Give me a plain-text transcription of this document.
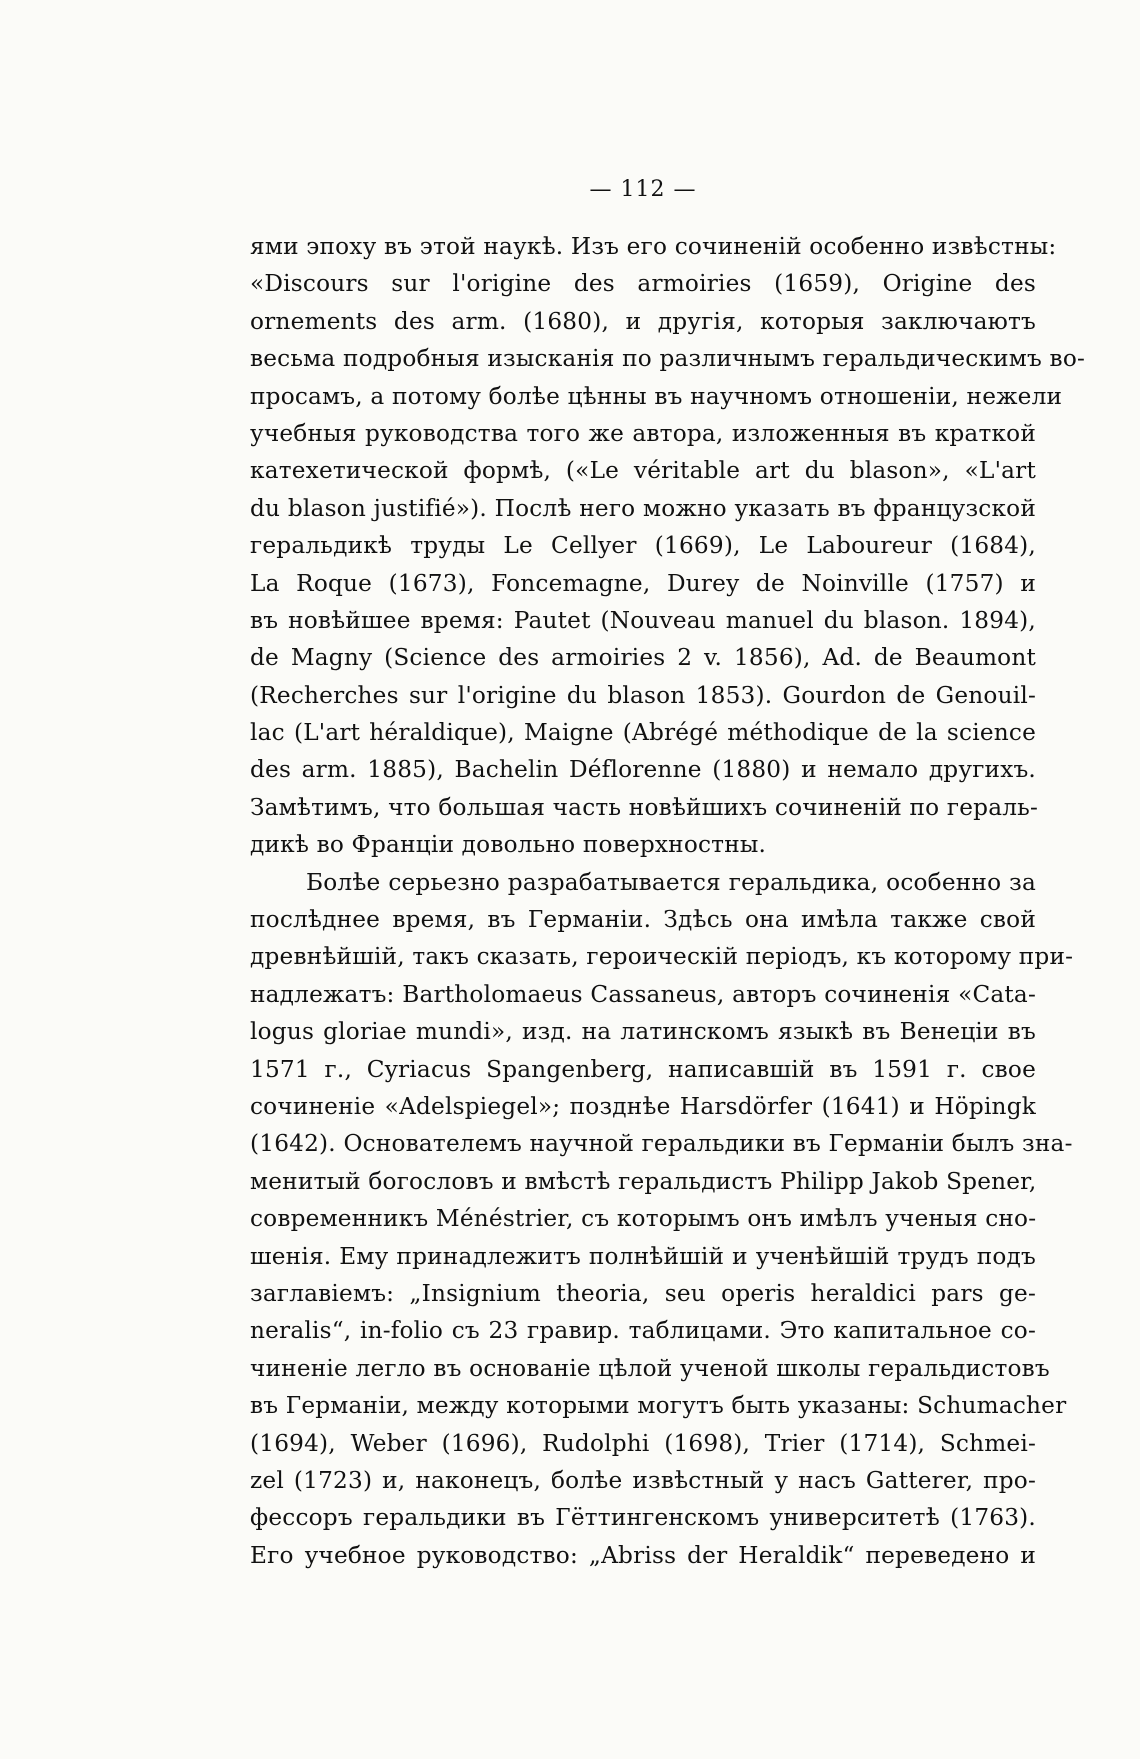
— 112 —
ями эпоху въ этой наукѣ. Изъ его сочиненій особенно извѣстны:
«Discours sur l'origine des armoiries (1659), Origine des
ornements des arm. (1680), и другія, которыя заключаютъ
весьма подробныя изысканія по различнымъ геральдическимъ во-
просамъ, а потому болѣе цѣнны въ научномъ отношеніи, нежели
учебныя руководства того же автора, изложенныя въ краткой
катехетической формѣ, («Le véritable art du blason», «L'art
du blason justifié»). Послѣ него можно указать въ французской
геральдикѣ труды Le Cellyer (1669), Le Laboureur (1684),
La Roque (1673), Foncemagne, Durey de Noinville (1757) и
въ новѣйшее время: Pautet (Nouveau manuel du blason. 1894),
de Magny (Science des armoiries 2 v. 1856), Ad. de Beaumont
(Recherches sur l'origine du blason 1853). Gourdon de Genouil-
lac (L'art héraldique), Maigne (Abrégé méthodique de la science
des arm. 1885), Bachelin Déflorenne (1880) и немало другихъ.
Замѣтимъ, что большая часть новѣйшихъ сочиненій по гераль-
дикѣ во Франціи довольно поверхностны.
Болѣе серьезно разрабатывается геральдика, особенно за
послѣднее время, въ Германіи. Здѣсь она имѣла также свой
древнѣйшій, такъ сказать, героическій періодъ, къ которому при-
надлежатъ: Bartholomaeus Cassaneus, авторъ сочиненія «Cata-
logus gloriae mundi», изд. на латинскомъ языкѣ въ Венеціи въ
1571 г., Cyriacus Spangenberg, написавшій въ 1591 г. свое
сочиненіе «Adelspiegel»; позднѣе Harsdörfer (1641) и Höpingk
(1642). Основателемъ научной геральдики въ Германіи былъ зна-
менитый богословъ и вмѣстѣ геральдистъ Philipp Jakob Spener,
современникъ Ménéstrier, съ которымъ онъ имѣлъ ученыя сно-
шенія. Ему принадлежитъ полнѣйшій и ученѣйшій трудъ подъ
заглавіемъ: „Insignium theoria, seu operis heraldici pars ge-
neralis“, in-folio съ 23 гравир. таблицами. Это капитальное со-
чиненіе легло въ основаніе цѣлой ученой школы геральдистовъ
въ Германіи, между которыми могутъ быть указаны: Schumacher
(1694), Weber (1696), Rudolphi (1698), Trier (1714), Schmei-
zel (1723) и, наконецъ, болѣе извѣстный у насъ Gatterer, про-
фессоръ геральдики въ Гёттингенскомъ университетѣ (1763).
Его учебное руководство: „Abriss der Heraldik“ переведено и
